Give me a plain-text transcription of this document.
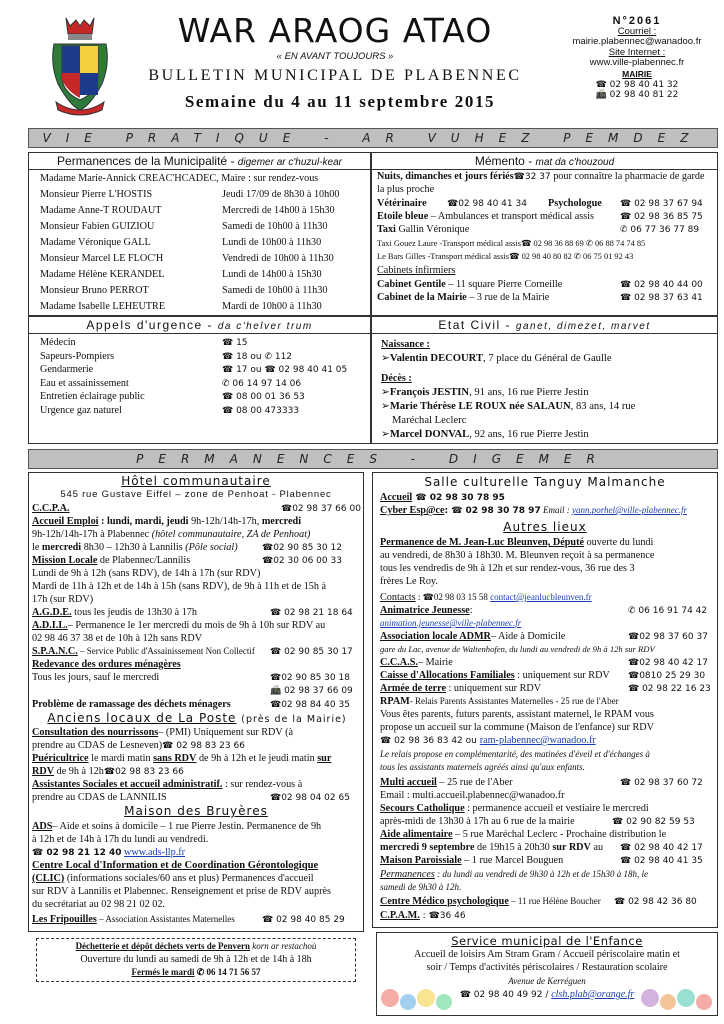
WAR ARAOG ATAO
« EN AVANT TOUJOURS »
BULLETIN MUNICIPAL DE PLABENNEC
Semaine du 4 au 11 septembre 2015
N°2061
Courriel :
mairie.plabennec@wanadoo.fr
Site Internet :
www.ville-plabennec.fr
MAIRIE
☎ 02 98 40 41 32
📠 02 98 40 81 22
VIE PRATIQUE - AR VUHEZ PEMDEZ
Permanences de la Municipalité - digemer ar c'huzul-kear
Madame Marie-Annick CREAC'HCADEC, Maire : sur rendez-vous
Monsieur Pierre L'HOSTIS	Jeudi 17/09 de 8h30 à 10h00
Madame Anne-T ROUDAUT	Mercredi de 14h00 à 15h30
Monsieur Fabien GUIZIOU	Samedi de 10h00 à 11h30
Madame Véronique GALL	Lundi de 10h00 à 11h30
Monsieur Marcel LE FLOC'H	Vendredi de 10h00 à 11h30
Madame Hélène KERANDEL	Lundi de 14h00 à 15h30
Monsieur Bruno PERROT	Samedi de 10h00 à 11h30
Madame Isabelle LEHEUTRE	Mardi de 10h00 à 11h30
Mémento - mat da c'houzoud
Nuits, dimanches et jours fériés☎32 37 pour connaître la pharmacie de garde la plus proche
Vétérinaire ☎02 98 40 41 34 Psychologue ☎ 02 98 37 67 94
Etoile bleue – Ambulances et transport médical assis	☎ 02 98 36 85 75
Taxi Gallin Véronique	✆ 06 77 36 77 89
Taxi Gouez Laure -Transport médical assis☎ 02 98 36 88 69 ✆ 06 88 74 74 85
Le Bars Gilles -Transport médical assis☎ 02 98 40 80 82 ✆ 06 75 01 92 43
Cabinets infirmiers
Cabinet Gentile – 11 square Pierre Corneille	☎ 02 98 40 44 00
Cabinet de la Mairie – 3 rue de la Mairie	☎ 02 98 37 63 41
Appels d'urgence - da c'helver trum
Médecin	☎ 15
Sapeurs-Pompiers	☎ 18 ou ✆ 112
Gendarmerie	☎ 17 ou ☎ 02 98 40 41 05
Eau et assainissement	✆ 06 14 97 14 06
Entretien éclairage public	☎ 08 00 01 36 53
Urgence gaz naturel	☎ 08 00 473333
Etat Civil - ganet, dimezet, marvet
Naissance :
➢Valentin DECOURT, 7 place du Général de Gaulle
Décès :
➢François JESTIN, 91 ans, 16 rue Pierre Jestin
➢Marie Thérèse LE ROUX née SALAUN, 83 ans, 14 rue
Maréchal Leclerc
➢Marcel DONVAL, 92 ans, 16 rue Pierre Jestin
PERMANENCES - DIGEMER
Hôtel communautaire
545 rue Gustave Eiffel – zone de Penhoat - Plabennec
C.C.P.A.	☎02 98 37 66 00
Accueil Emploi : lundi, mardi, jeudi 9h-12h/14h-17h, mercredi
9h-12h/14h-17h à Plabennec (hôtel communautaire, ZA de Penhoat)
le mercredi 8h30 – 12h30 à Lannilis (Pôle social)	☎02 90 85 30 12
Mission Locale de Plabennec/Lannilis	☎02 30 06 00 33
Lundi de 9h à 12h (sans RDV), de 14h à 17h (sur RDV)
Mardi de 11h à 12h et de 14h à 15h (sans RDV), de 9h à 11h et de 15h à
17h (sur RDV)
A.G.D.E. tous les jeudis de 13h30 à 17h	☎ 02 98 21 18 64
A.D.I.L.– Permanence le 1er mercredi du mois de 9h à 10h sur RDV au
02 98 46 37 38 et de 10h à 12h sans RDV
S.P.A.N.C. – Service Public d'Assainissement Non Collectif ☎ 02 90 85 30 17
Redevance des ordures ménagères
Tous les jours, sauf le mercredi	☎02 90 85 30 18
📠 02 98 37 66 09
Problème de ramassage des déchets ménagers	☎02 98 84 40 35
Anciens locaux de La Poste (près de la Mairie)
Consultation des nourrissons– (PMI) Uniquement sur RDV (à
prendre au CDAS de Lesneven)☎ 02 98 83 23 66
Puéricultrice le mardi matin sans RDV de 9h à 12h et le jeudi matin sur
RDV de 9h à 12h☎02 98 83 23 66
Assistantes Sociales et accueil administratif. : sur rendez-vous à
prendre au CDAS de LANNILIS	☎02 98 04 02 65
Maison des Bruyères
ADS– Aide et soins à domicile – 1 rue Pierre Jestin. Permanence de 9h
à 12h et de 14h à 17h du lundi au vendredi.
☎ 02 98 21 12 40 www.ads-llp.fr
Centre Local d'Information et de Coordination Gérontologique
(CLIC) (informations sociales/60 ans et plus) Permanences d'accueil
sur RDV à Lannilis et Plabennec. Renseignement et prise de RDV auprès
du secrétariat au 02 98 21 02 02.
Les Fripouilles – Association Assistantes Maternelles	☎ 02 98 40 85 29
Déchetterie et dépôt déchets verts de Penvern korn ar restachoù
Ouverture du lundi au samedi de 9h à 12h et de 14h à 18h
Fermés le mardi ✆ 06 14 71 56 57
Salle culturelle Tanguy Malmanche
Accueil ☎ 02 98 30 78 95
Cyber Esp@ce: ☎ 02 98 30 78 97 Email : yann.porhel@ville-plabennec.fr
Autres lieux
Permanence de M. Jean-Luc Bleunven, Député ouverte du lundi
au vendredi, de 8h30 à 18h30. M. Bleunven reçoit à sa permanence
tous les vendredis de 9h à 12h et sur rendez-vous, 36 rue des 3
frères Le Roy.
Contacts : ☎02 98 03 15 58 contact@jeanlucbleunven.fr
Animatrice Jeunesse:	✆ 06 16 91 74 42
animation.jeunesse@ville-plabennec.fr
Association locale ADMR– Aide à Domicile	☎02 98 37 60 37
gare du Lac, avenue de Waltenhofen, du lundi au vendredi de 9h à 12h sur RDV
C.C.A.S.– Mairie	☎02 98 40 42 17
Caisse d'Allocations Familiales : uniquement sur RDV ☎0810 25 29 30
Armée de terre : uniquement sur RDV	☎ 02 98 22 16 23
RPAM- Relais Parents Assistantes Maternelles - 25 rue de l'Aber
Vous êtes parents, futurs parents, assistant maternel, le RPAM vous
propose un accueil sur la commune (Maison de l'enfance) sur RDV
☎ 02 98 36 83 42 ou ram-plabennec@wanadoo.fr
Le relais propose en complémentarité, des matinées d'éveil et d'échanges à
tous les assistants maternels agréés ainsi qu'aux enfants.
Multi accueil – 25 rue de l'Aber	☎ 02 98 37 60 72
Email : multi.accueil.plabennec@wanadoo.fr
Secours Catholique : permanence accueil et vestiaire le mercredi
après-midi de 13h30 à 17h au 6 rue de la mairie	☎ 02 90 82 59 53
Aide alimentaire – 5 rue Maréchal Leclerc - Prochaine distribution le
mercredi 9 septembre de 19h15 à 20h30 sur RDV au ☎ 02 98 40 42 17
Maison Paroissiale – 1 rue Marcel Bouguen	☎ 02 98 40 41 35
Permanences : du lundi au vendredi de 9h30 à 12h et de 15h30 à 18h, le
samedi de 9h30 à 12h.
Centre Médico psychologique – 11 rue Hélène Boucher ☎ 02 98 42 36 80
C.P.A.M. : ☎36 46
Service municipal de l'Enfance
Accueil de loisirs Am Stram Gram / Accueil périscolaire matin et
soir / Temps d'activités périscolaires / Restauration scolaire
Avenue de Kerréguen
☎ 02 98 40 49 92 / clsh.plab@orange.fr
